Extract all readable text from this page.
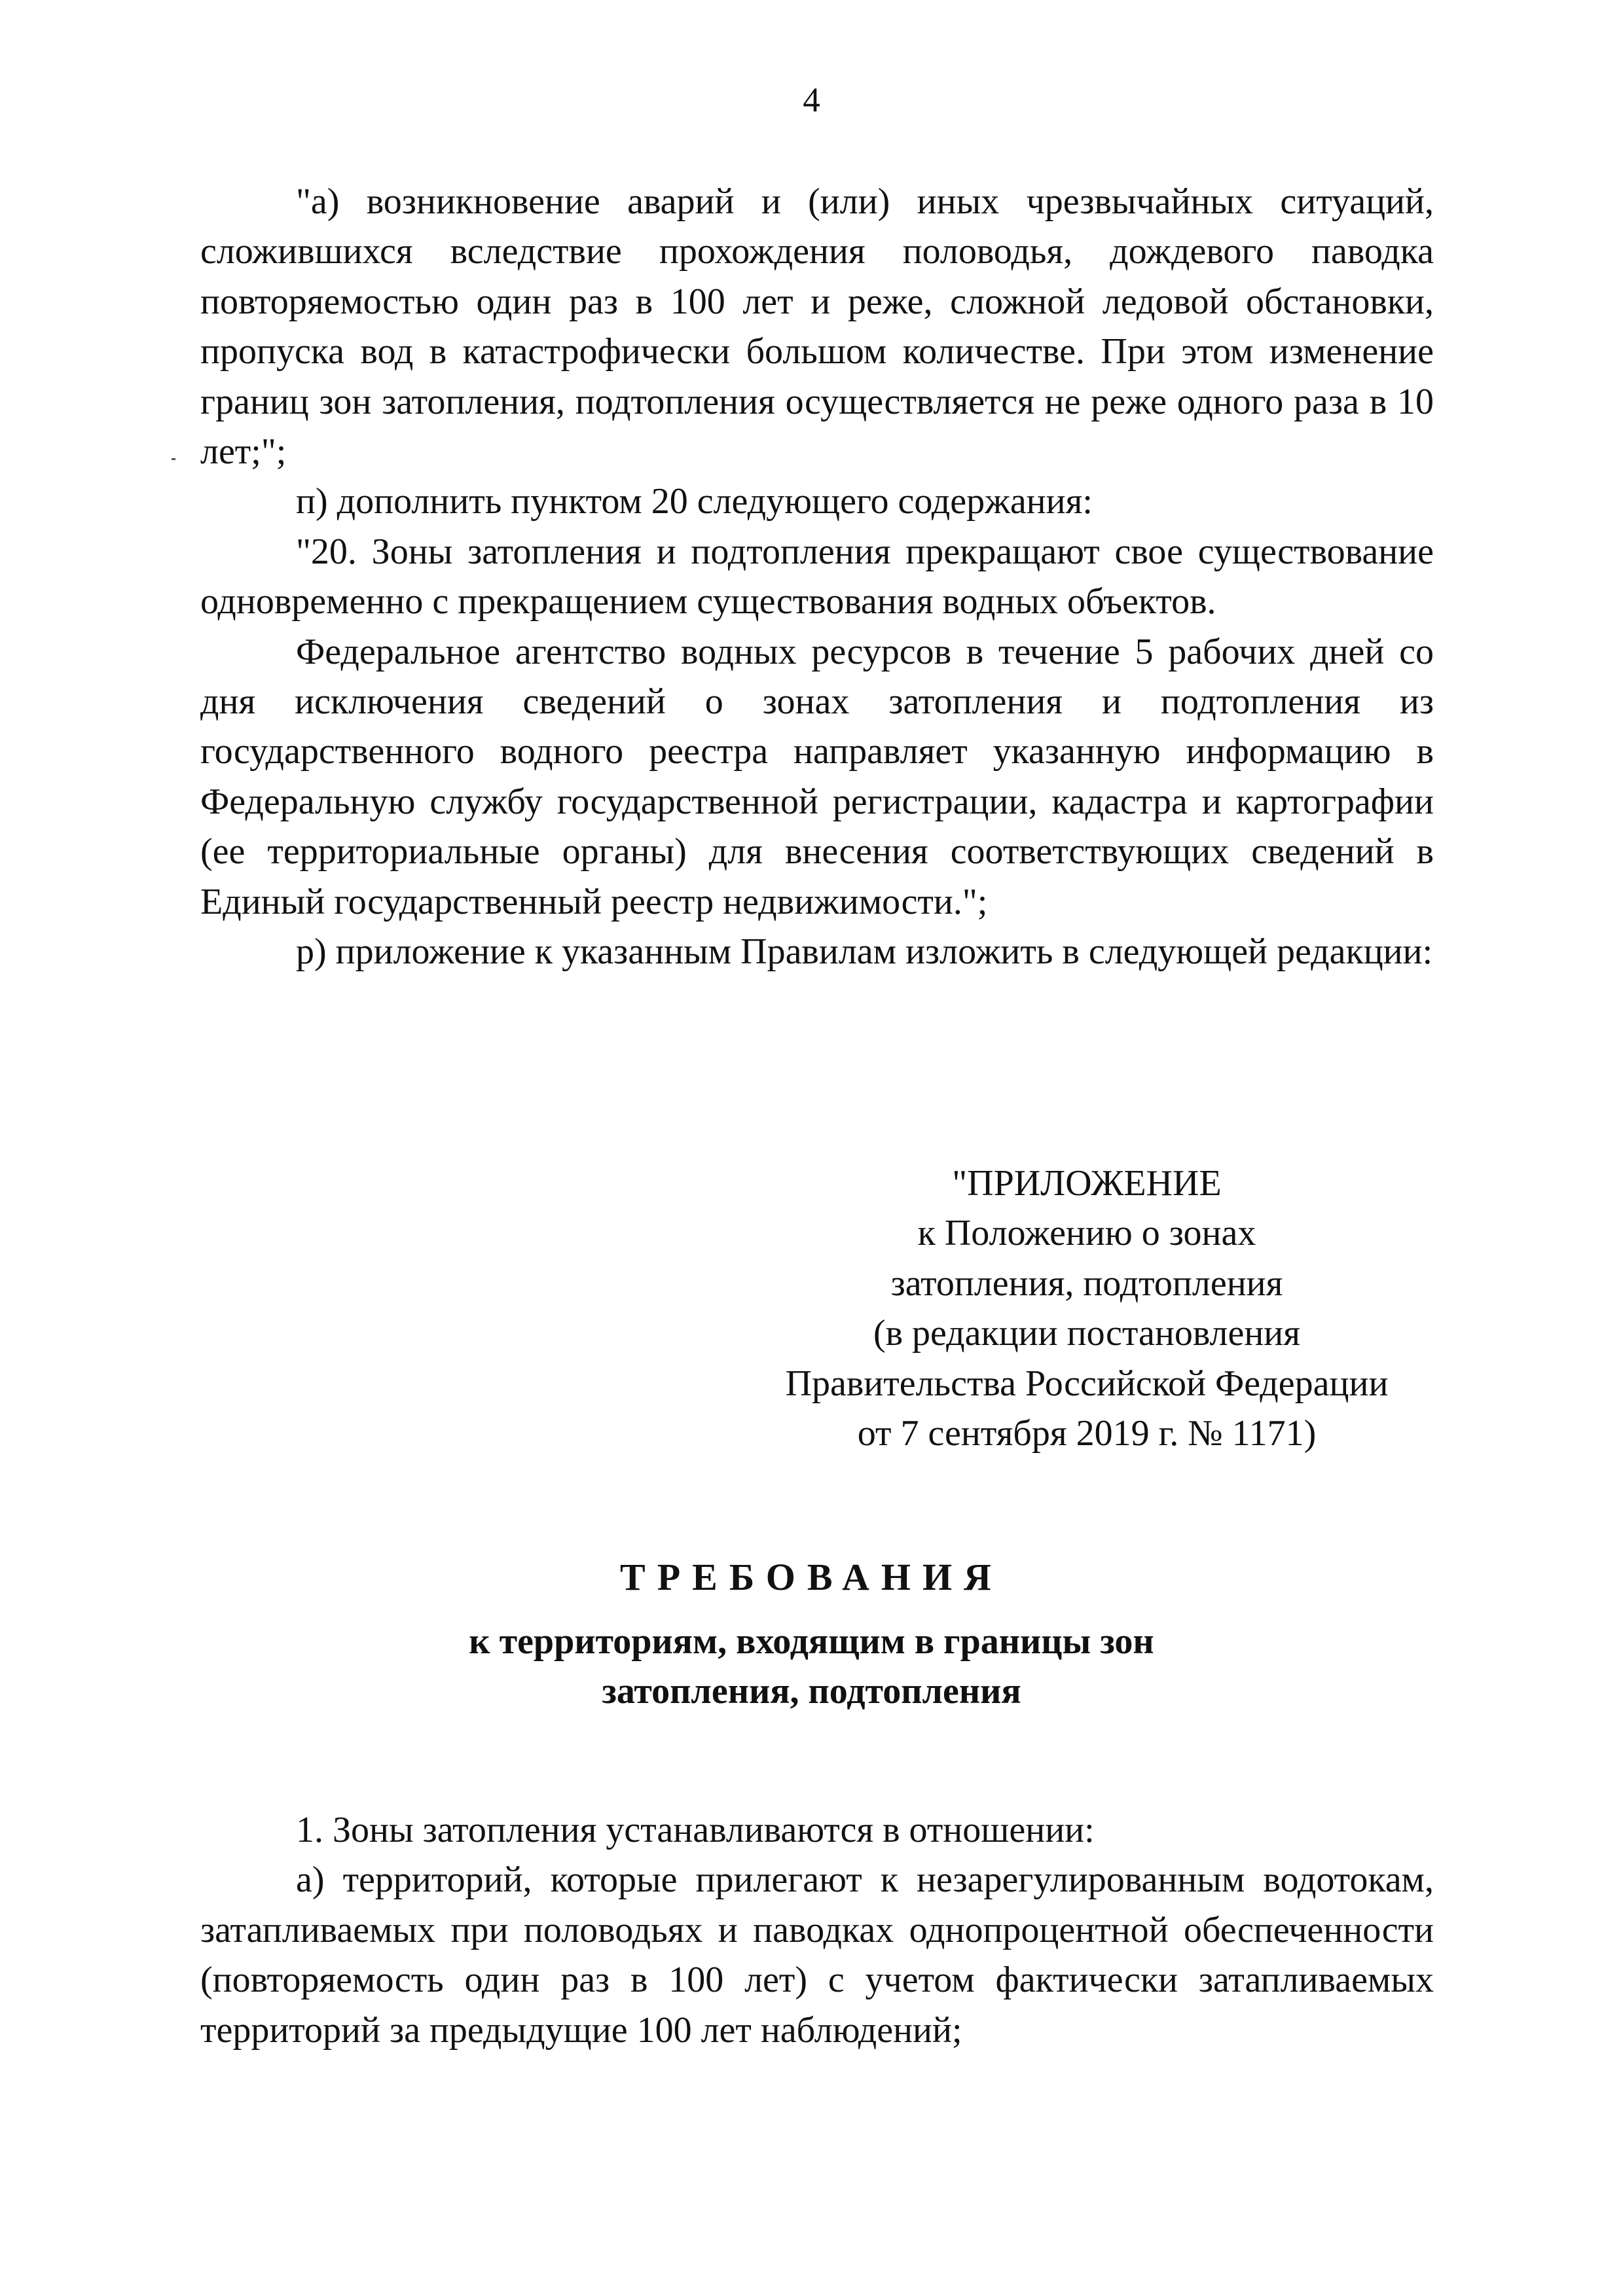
4

"а) возникновение аварий и (или) иных чрезвычайных ситуаций, сложившихся вследствие прохождения половодья, дождевого паводка повторяемостью один раз в 100 лет и реже, сложной ледовой обстановки, пропуска вод в катастрофически большом количестве. При этом изменение границ зон затопления, подтопления осуществляется не реже одного раза в 10 лет;";

п) дополнить пунктом 20 следующего содержания:

"20. Зоны затопления и подтопления прекращают свое существование одновременно с прекращением существования водных объектов.

Федеральное агентство водных ресурсов в течение 5 рабочих дней со дня исключения сведений о зонах затопления и подтопления из государственного водного реестра направляет указанную информацию в Федеральную службу государственной регистрации, кадастра и картографии (ее территориальные органы) для внесения соответствующих сведений в Единый государственный реестр недвижимости.";

р) приложение к указанным Правилам изложить в следующей редакции:

"ПРИЛОЖЕНИЕ
к Положению о зонах
затопления, подтопления
(в редакции постановления
Правительства Российской Федерации
от 7 сентября 2019 г. № 1171)
ТРЕБОВАНИЯ
к территориям, входящим в границы зон
затопления, подтопления

1. Зоны затопления устанавливаются в отношении:

а) территорий, которые прилегают к незарегулированным водотокам, затапливаемых при половодьях и паводках однопроцентной обеспеченности (повторяемость один раз в 100 лет) с учетом фактически затапливаемых территорий за предыдущие 100 лет наблюдений;
